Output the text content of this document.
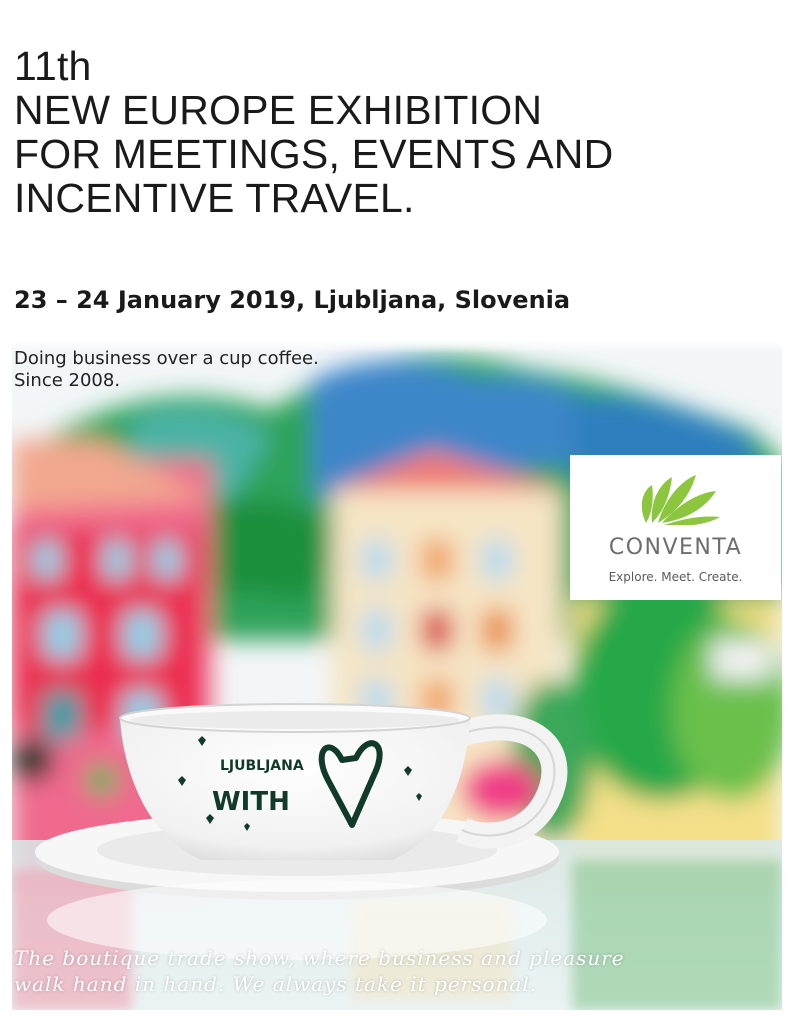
LJUBLJANA
WITH
11th
NEW EUROPE EXHIBITION
FOR MEETINGS, EVENTS AND
INCENTIVE TRAVEL.
23 – 24 January 2019, Ljubljana, Slovenia
Doing business over a cup coffee.
Since 2008.
CONVENTA
Explore. Meet. Create.
The boutique trade show, where business and pleasure
walk hand in hand. We always take it personal.
